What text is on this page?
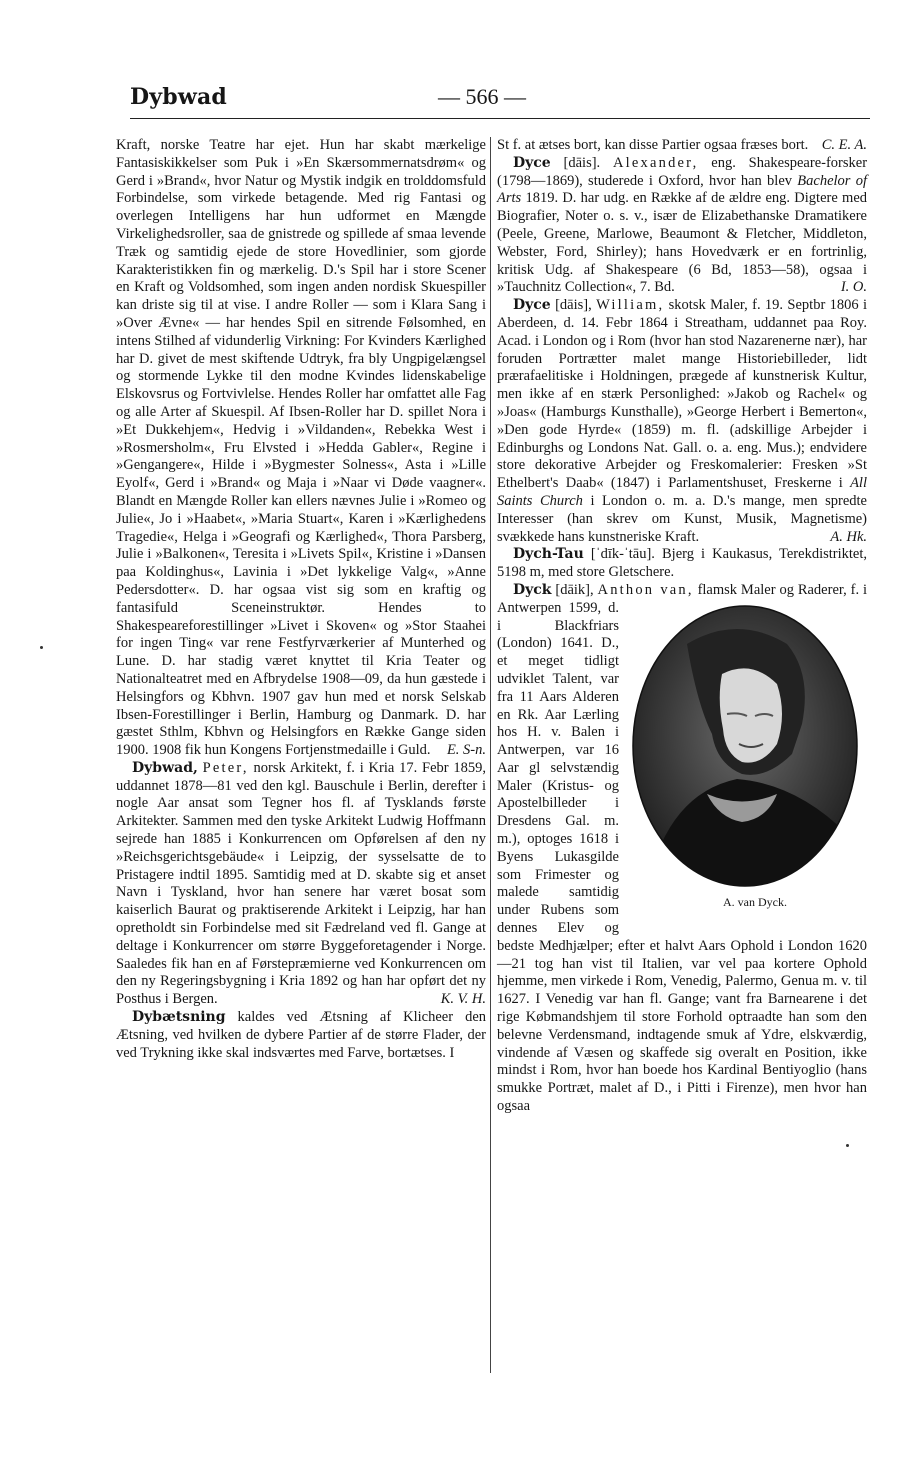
Dybwad	— 566 —

Kraft, norske Teatre har ejet. Hun har skabt mærkelige Fantasiskikkelser som Puk i »En Skærsommernatsdrøm« og Gerd i »Brand«, hvor Natur og Mystik indgik en trolddomsfuld Forbindelse, som virkede betagende. Med rig Fantasi og overlegen Intelligens har hun udformet en Mængde Virkelighedsroller, saa de gnistrede og spillede af smaa levende Træk og samtidig ejede de store Hovedlinier, som gjorde Karakteristikken fin og mærkelig. D.'s Spil har i store Scener en Kraft og Voldsomhed, som ingen anden nordisk Skuespiller kan driste sig til at vise. I andre Roller — som i Klara Sang i »Over Ævne« — har hendes Spil en sitrende Følsomhed, en intens Stilhed af vidunderlig Virkning: For Kvinders Kærlighed har D. givet de mest skiftende Udtryk, fra bly Ungpigelængsel og stormende Lykke til den modne Kvindes lidenskabelige Elskovsrus og Fortvivlelse. Hendes Roller har omfattet alle Fag og alle Arter af Skuespil. Af Ibsen-Roller har D. spillet Nora i »Et Dukkehjem«, Hedvig i »Vildanden«, Rebekka West i »Rosmersholm«, Fru Elvsted i »Hedda Gabler«, Regine i »Gengangere«, Hilde i »Bygmester Solness«, Asta i »Lille Eyolf«, Gerd i »Brand« og Maja i »Naar vi Døde vaagner«. Blandt en Mængde Roller kan ellers nævnes Julie i »Romeo og Julie«, Jo i »Haabet«, »Maria Stuart«, Karen i »Kærlighedens Tragedie«, Helga i »Geografi og Kærlighed«, Thora Parsberg, Julie i »Balkonen«, Teresita i »Livets Spil«, Kristine i »Dansen paa Koldinghus«, Lavinia i »Det lykkelige Valg«, »Anne Pedersdotter«. D. har ogsaa vist sig som en kraftig og fantasifuld Sceneinstruktør. Hendes to Shakespeareforestillinger »Livet i Skoven« og »Stor Staahei for ingen Ting« var rene Festfyrværkerier af Munterhed og Lune. D. har stadig været knyttet til Kria Teater og Nationalteatret med en Afbrydelse 1908—09, da hun gæstede i Helsingfors og Kbhvn. 1907 gav hun med et norsk Selskab Ibsen-Forestillinger i Berlin, Hamburg og Danmark. D. har gæstet Sthlm, Kbhvn og Helsingfors en Række Gange siden 1900. 1908 fik hun Kongens Fortjenstmedaille i Guld. E. S-n.

Dybwad, Peter, norsk Arkitekt, f. i Kria 17. Febr 1859, uddannet 1878—81 ved den kgl. Bauschule i Berlin, derefter i nogle Aar ansat som Tegner hos fl. af Tysklands første Arkitekter. Sammen med den tyske Arkitekt Ludwig Hoffmann sejrede han 1885 i Konkurrencen om Opførelsen af den ny »Reichsgerichtsgebäude« i Leipzig, der sysselsatte de to Pristagere indtil 1895. Samtidig med at D. skabte sig et anset Navn i Tyskland, hvor han senere har været bosat som kaiserlich Baurat og praktiserende Arkitekt i Leipzig, har han opretholdt sin Forbindelse med sit Fædreland ved fl. Gange at deltage i Konkurrencer om større Byggeforetagender i Norge. Saaledes fik han en af Førstepræmierne ved Konkurrencen om den ny Regeringsbygning i Kria 1892 og han har opført det ny Posthus i Bergen.	K. V. H.

Dybætsning kaldes ved Ætsning af Klicheer den Ætsning, ved hvilken de dybere Partier af de større Flader, der ved Trykning ikke skal indsværtes med Farve, bortætses. I

St f. at ætses bort, kan disse Partier ogsaa fræses bort. C. E. A.

Dyce [dāis]. Alexander, eng. Shakespeare-forsker (1798—1869), studerede i Oxford, hvor han blev Bachelor of Arts 1819. D. har udg. en Række af de ældre eng. Digtere med Biografier, Noter o. s. v., især de Elizabethanske Dramatikere (Peele, Greene, Marlowe, Beaumont & Fletcher, Middleton, Webster, Ford, Shirley); hans Hovedværk er en fortrinlig, kritisk Udg. af Shakespeare (6 Bd, 1853—58), ogsaa i »Tauchnitz Collection«, 7. Bd.	I. O.

Dyce [dāis], William, skotsk Maler, f. 19. Septbr 1806 i Aberdeen, d. 14. Febr 1864 i Streatham, uddannet paa Roy. Acad. i London og i Rom (hvor han stod Nazarenerne nær), har foruden Portrætter malet mange Historiebilleder, lidt prærafaelitiske i Holdningen, prægede af kunstnerisk Kultur, men ikke af en stærk Personlighed: »Jakob og Rachel« og »Joas« (Hamburgs Kunsthalle), »George Herbert i Bemerton«, »Den gode Hyrde« (1859) m. fl. (adskillige Arbejder i Edinburghs og Londons Nat. Gall. o. a. eng. Mus.); endvidere store dekorative Arbejder og Freskomalerier: Fresken »St Ethelbert's Daab« (1847) i Parlamentshuset, Freskerne i All Saints Church i London o. m. a. D.'s mange, men spredte Interesser (han skrev om Kunst, Musik, Magnetisme) svækkede hans kunstneriske Kraft.	A. Hk.

Dych-Tau [ˈdīk-ˈtāu]. Bjerg i Kaukasus, Terekdistriktet, 5198 m, med store Gletschere.

Dyck [dāik], Anthon van,
A. van Dyck.
flamsk Maler og Raderer, f. i Antwerpen 1599, d. i Blackfriars (London) 1641. D., et meget tidligt udviklet Talent, var fra 11 Aars Alderen en Rk. Aar Lærling hos H. v. Balen i Antwerpen, var 16 Aar gl selvstændig Maler (Kristus- og Apostelbilleder i Dresdens Gal. m. m.), optoges 1618 i Byens Lukasgilde som Frimester og malede samtidig under Rubens som dennes Elev og bedste Medhjælper; efter et halvt Aars Ophold i London 1620—21 tog han vist til Italien, var vel paa kortere Ophold hjemme, men virkede i Rom, Venedig, Palermo, Genua m. v. til 1627. I Venedig var han fl. Gange; vant fra Barnearene i det rige Købmandshjem til store Forhold optraadte han som den belevne Verdensmand, indtagende smuk af Ydre, elskværdig, vindende af Væsen og skaffede sig overalt en Position, ikke mindst i Rom, hvor han boede hos Kardinal Bentiyoglio (hans smukke Portræt, malet af D., i Pitti i Firenze), men hvor han ogsaa
